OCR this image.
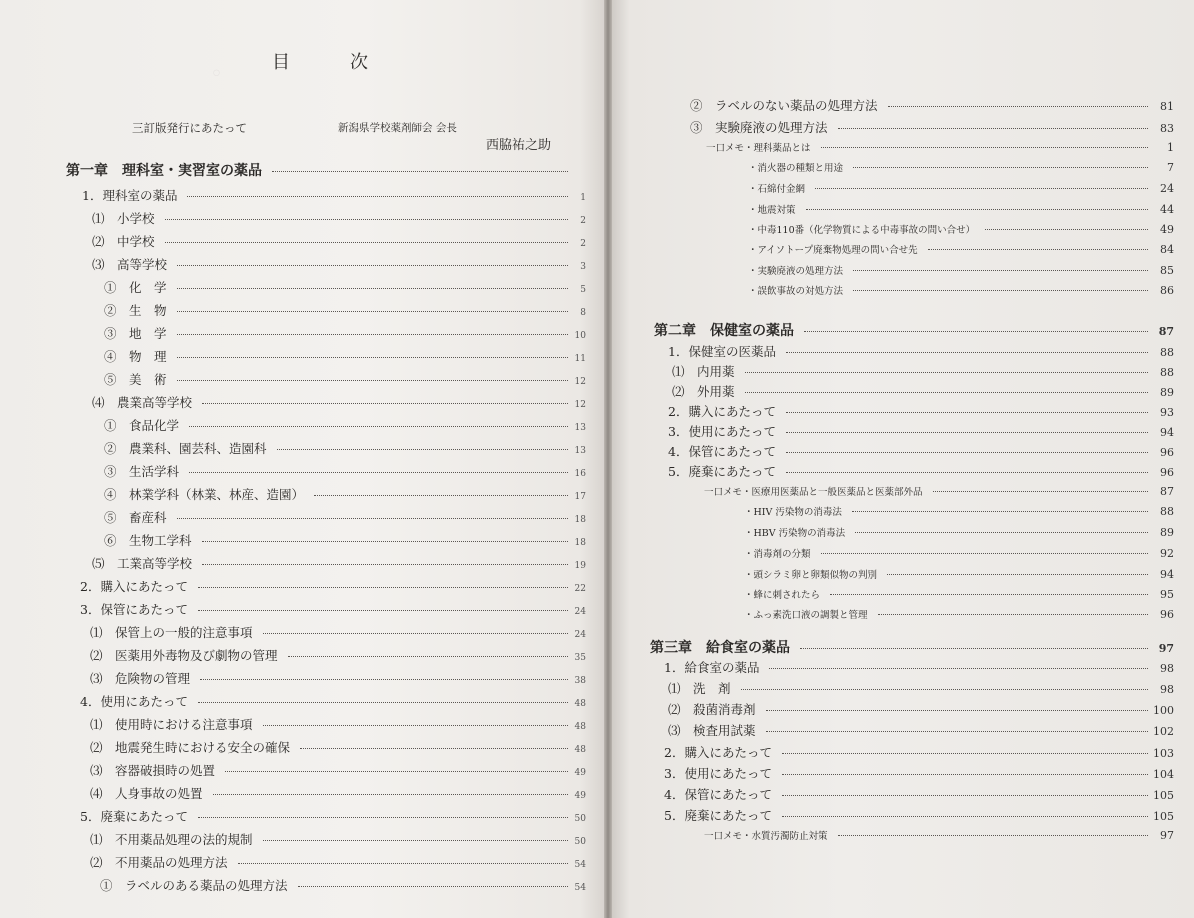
◦	目次
三訂版発行にあたって	新潟県学校薬剤師会 会長
西脇祐之助
第一章　理科室・実習室の薬品
1．理科室の薬品	1
⑴　小学校	2
⑵　中学校	2
⑶　高等学校	3
①　化　学	5
②　生　物	8
③　地　学	10
④　物　理	11
⑤　美　術	12
⑷　農業高等学校	12
①　食品化学	13
②　農業科、園芸科、造園科	13
③　生活学科	16
④　林業学科（林業、林産、造園）	17
⑤　畜産科	18
⑥　生物工学科	18
⑸　工業高等学校	19
2．購入にあたって	22
3．保管にあたって	24
⑴　保管上の一般的注意事項	24
⑵　医薬用外毒物及び劇物の管理	35
⑶　危険物の管理	38
4．使用にあたって	48
⑴　使用時における注意事項	48
⑵　地震発生時における安全の確保	48
⑶　容器破損時の処置	49
⑷　人身事故の処置	49
5．廃棄にあたって	50
⑴　不用薬品処理の法的規制	50
⑵　不用薬品の処理方法	54
①　ラベルのある薬品の処理方法	54
②　ラベルのない薬品の処理方法	81
③　実験廃液の処理方法	83
一口メモ・理科薬品とは	1
・消火器の種類と用途	7
・石綿付金網	24
・地震対策	44
・中毒110番（化学物質による中毒事故の問い合せ）	49
・アイソトープ廃棄物処理の問い合せ先	84
・実験廃液の処理方法	85
・誤飲事故の対処方法	86
第二章　保健室の薬品	87
1．保健室の医薬品	88
⑴　内用薬	88
⑵　外用薬	89
2．購入にあたって	93
3．使用にあたって	94
4．保管にあたって	96
5．廃棄にあたって	96
一口メモ・医療用医薬品と一般医薬品と医薬部外品	87
・HIV 汚染物の消毒法	88
・HBV 汚染物の消毒法	89
・消毒剤の分類	92
・頭シラミ卵と卵類似物の判別	94
・蜂に刺されたら	95
・ふっ素洗口液の調製と管理	96
第三章　給食室の薬品	97
1．給食室の薬品	98
⑴　洗　剤	98
⑵　殺菌消毒剤	100
⑶　検査用試薬	102
2．購入にあたって	103
3．使用にあたって	104
4．保管にあたって	105
5．廃棄にあたって	105
一口メモ・水質汚濁防止対策	97
